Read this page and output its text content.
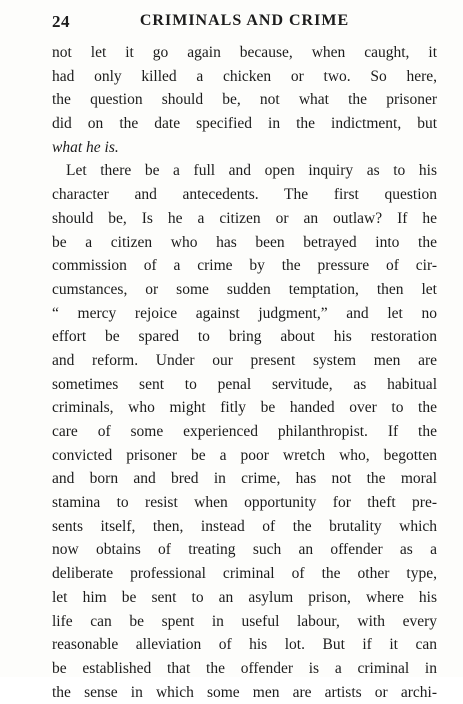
24	CRIMINALS AND CRIME
not let it go again because, when caught, it
had only killed a chicken or two. So here,
the question should be, not what the prisoner
did on the date specified in the indictment, but
what he is.
Let there be a full and open inquiry as to his
character and antecedents. The first question
should be, Is he a citizen or an outlaw? If he
be a citizen who has been betrayed into the
commission of a crime by the pressure of cir-
cumstances, or some sudden temptation, then let
“ mercy rejoice against judgment,” and let no
effort be spared to bring about his restoration
and reform. Under our present system men are
sometimes sent to penal servitude, as habitual
criminals, who might fitly be handed over to the
care of some experienced philanthropist. If the
convicted prisoner be a poor wretch who, begotten
and born and bred in crime, has not the moral
stamina to resist when opportunity for theft pre-
sents itself, then, instead of the brutality which
now obtains of treating such an offender as a
deliberate professional criminal of the other type,
let him be sent to an asylum prison, where his
life can be spent in useful labour, with every
reasonable alleviation of his lot. But if it can
be established that the offender is a criminal in
the sense in which some men are artists or archi-
